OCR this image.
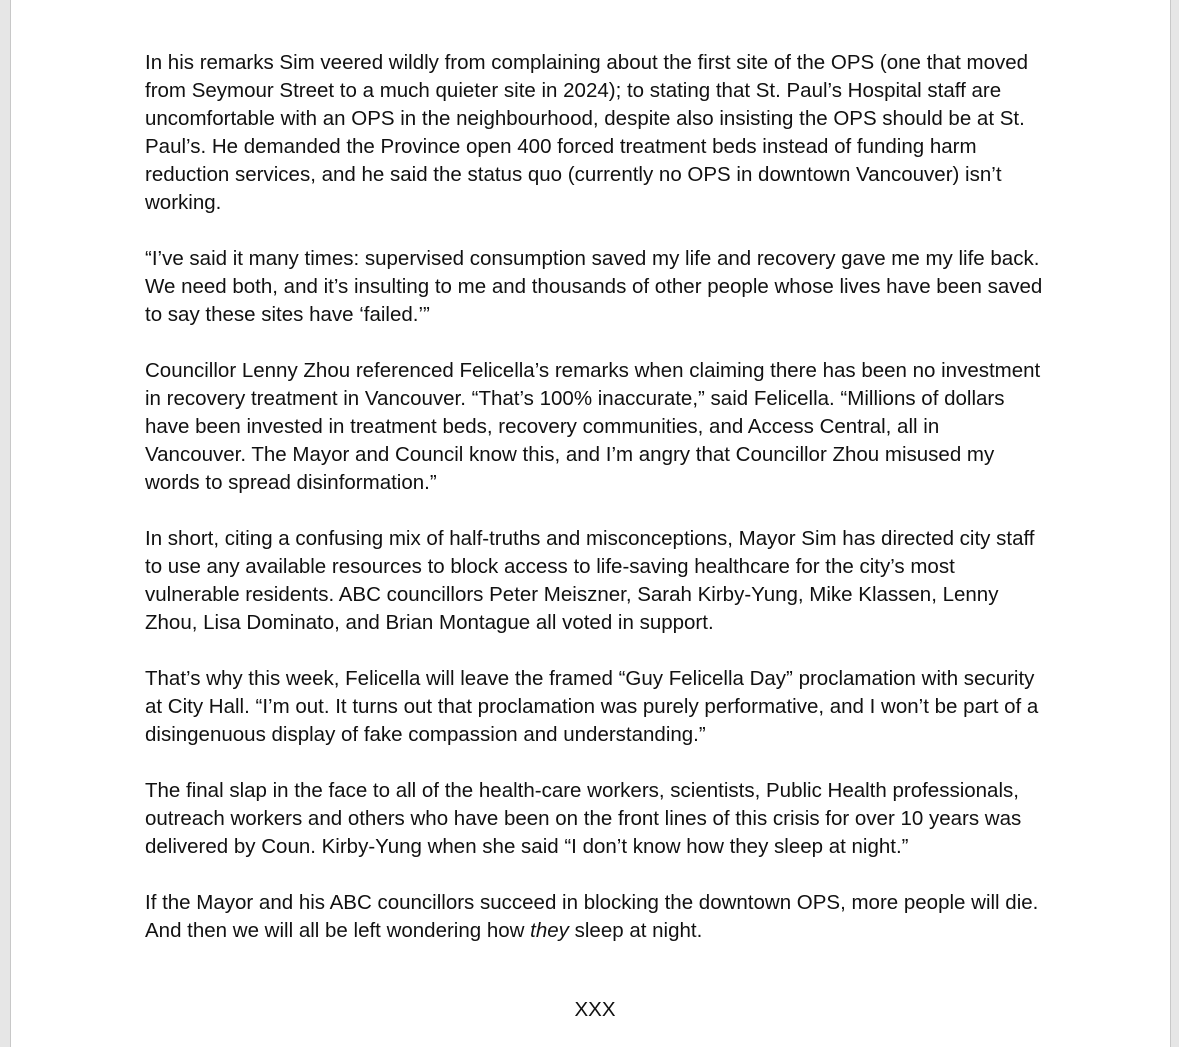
In his remarks Sim veered wildly from complaining about the first site of the OPS (one that moved from Seymour Street to a much quieter site in 2024); to stating that St. Paul’s Hospital staff are uncomfortable with an OPS in the neighbourhood, despite also insisting the OPS should be at St. Paul’s. He demanded the Province open 400 forced treatment beds instead of funding harm reduction services, and he said the status quo (currently no OPS in downtown Vancouver) isn’t working.

“I’ve said it many times: supervised consumption saved my life and recovery gave me my life back. We need both, and it’s insulting to me and thousands of other people whose lives have been saved to say these sites have ‘failed.’”

Councillor Lenny Zhou referenced Felicella’s remarks when claiming there has been no investment in recovery treatment in Vancouver. “That’s 100% inaccurate,” said Felicella. “Millions of dollars have been invested in treatment beds, recovery communities, and Access Central, all in Vancouver. The Mayor and Council know this, and I’m angry that Councillor Zhou misused my words to spread disinformation.”

In short, citing a confusing mix of half-truths and misconceptions, Mayor Sim has directed city staff to use any available resources to block access to life-saving healthcare for the city’s most vulnerable residents. ABC councillors Peter Meiszner, Sarah Kirby-Yung, Mike Klassen, Lenny Zhou, Lisa Dominato, and Brian Montague all voted in support.

That’s why this week, Felicella will leave the framed “Guy Felicella Day” proclamation with security at City Hall. “I’m out. It turns out that proclamation was purely performative, and I won’t be part of a disingenuous display of fake compassion and understanding.”

The final slap in the face to all of the health-care workers, scientists, Public Health professionals, outreach workers and others who have been on the front lines of this crisis for over 10 years was delivered by Coun. Kirby-Yung when she said “I don’t know how they sleep at night.”

If the Mayor and his ABC councillors succeed in blocking the downtown OPS, more people will die. And then we will all be left wondering how they sleep at night.

XXX
